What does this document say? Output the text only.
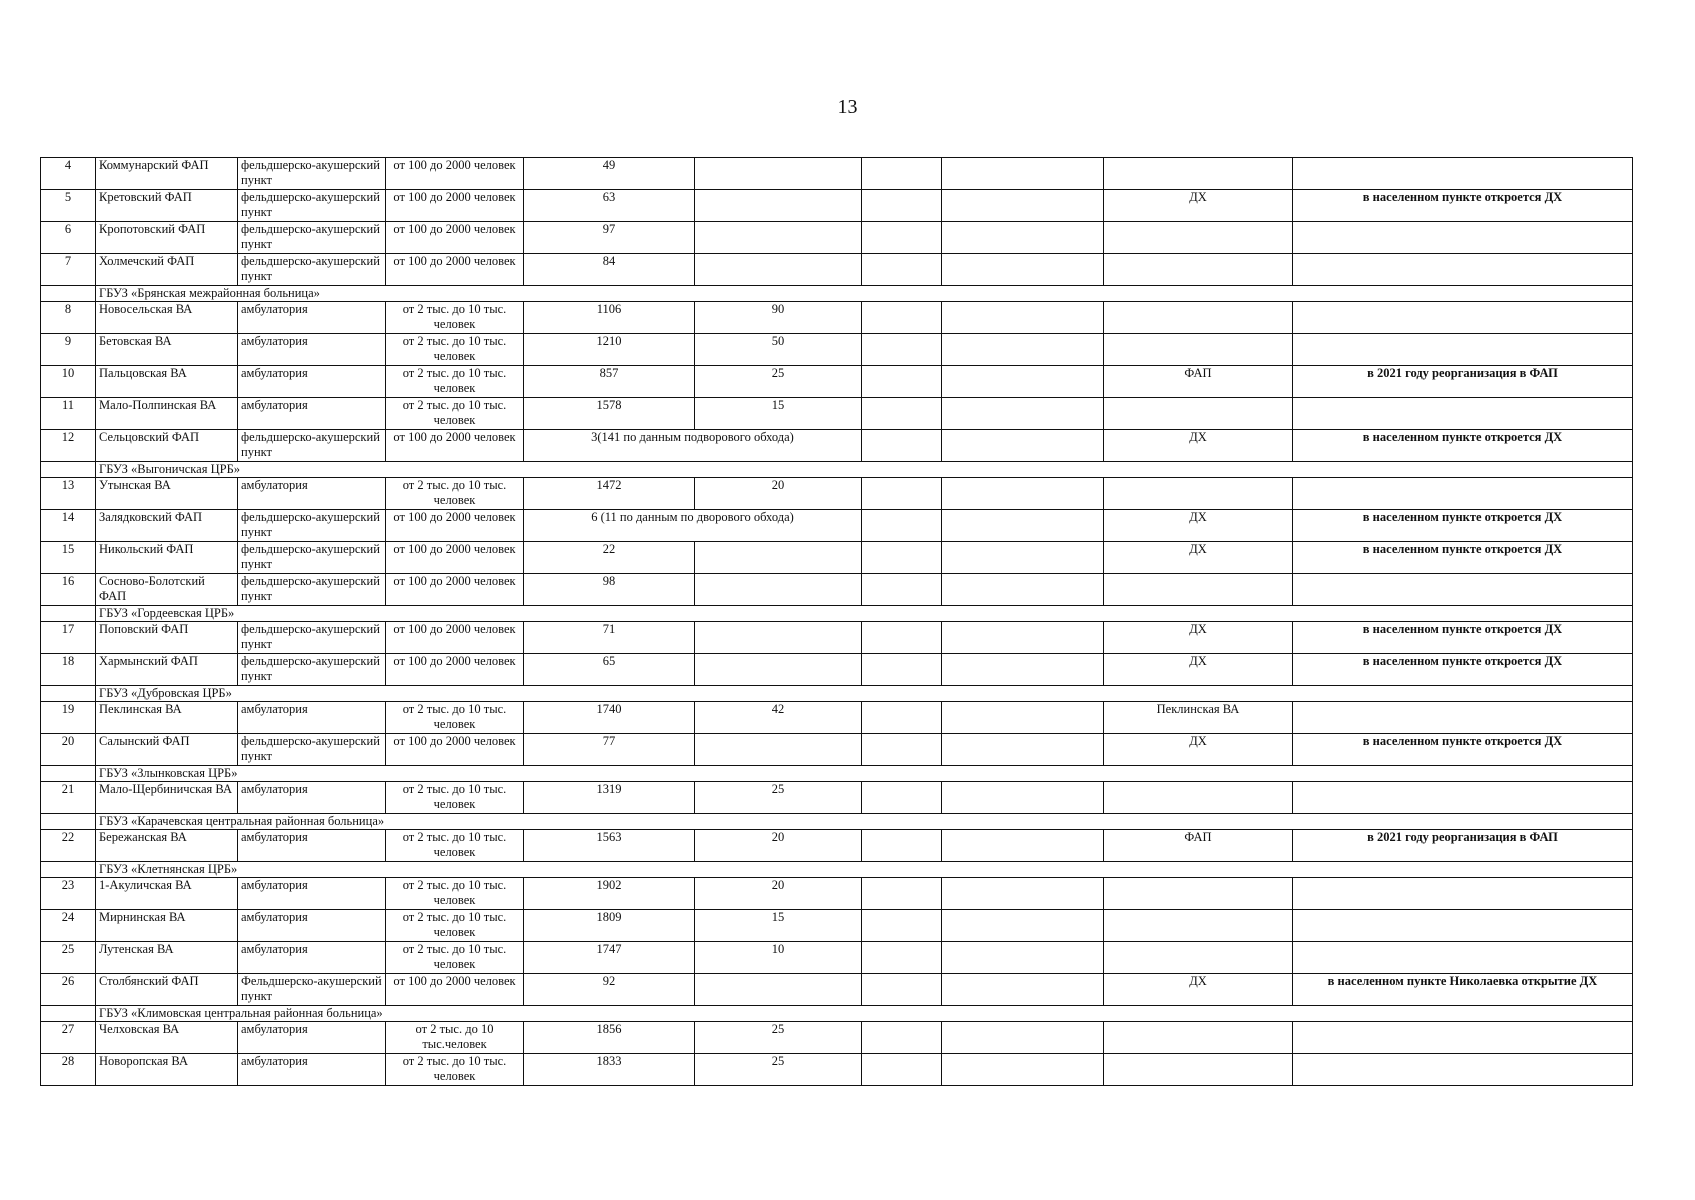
13
4	Коммунарский ФАП	фельдшерско-акушерский пункт	от 100 до 2000 человек	49					
5	Кретовский ФАП	фельдшерско-акушерский пункт	от 100 до 2000 человек	63				ДХ	в населенном пункте откроется ДХ
6	Кропотовский ФАП	фельдшерско-акушерский пункт	от 100 до 2000 человек	97					
7	Холмечский ФАП	фельдшерско-акушерский пункт	от 100 до 2000 человек	84					
	ГБУЗ «Брянская межрайонная больница»								
8	Новосельская ВА	амбулатория	от 2 тыс. до 10 тыс. человек	1106	90				
9	Бетовская ВА	амбулатория	от 2 тыс. до 10 тыс. человек	1210	50				
10	Пальцовская ВА	амбулатория	от 2 тыс. до 10 тыс. человек	857	25			ФАП	в 2021 году реорганизация в ФАП
11	Мало-Полпинская ВА	амбулатория	от 2 тыс. до 10 тыс. человек	1578	15				
12	Сельцовский ФАП	фельдшерско-акушерский пункт	от 100 до 2000 человек	3(141 по данным подворового обхода)				ДХ	в населенном пункте откроется ДХ
	ГБУЗ «Выгоничская ЦРБ»								
13	Утынская ВА	амбулатория	от 2 тыс. до 10 тыс. человек	1472	20				
14	Залядковский ФАП	фельдшерско-акушерский пункт	от 100 до 2000 человек	6 (11 по данным по дворового обхода)				ДХ	в населенном пункте откроется ДХ
15	Никольский ФАП	фельдшерско-акушерский пункт	от 100 до 2000 человек	22				ДХ	в населенном пункте откроется ДХ
16	Сосново-Болотский ФАП	фельдшерско-акушерский пункт	от 100 до 2000 человек	98					
	ГБУЗ «Гордеевская ЦРБ»								
17	Поповский ФАП	фельдшерско-акушерский пункт	от 100 до 2000 человек	71				ДХ	в населенном пункте откроется ДХ
18	Хармынский ФАП	фельдшерско-акушерский пункт	от 100 до 2000 человек	65				ДХ	в населенном пункте откроется ДХ
	ГБУЗ «Дубровская ЦРБ»								
19	Пеклинская ВА	амбулатория	от 2 тыс. до 10 тыс. человек	1740	42			Пеклинская ВА	
20	Салынский ФАП	фельдшерско-акушерский пункт	от 100 до 2000 человек	77				ДХ	в населенном пункте откроется ДХ
	ГБУЗ «Злынковская ЦРБ»								
21	Мало-Щербиничская ВА	амбулатория	от 2 тыс. до 10 тыс. человек	1319	25				
	ГБУЗ «Карачевская центральная районная больница»								
22	Бережанская ВА	амбулатория	от 2 тыс. до 10 тыс. человек	1563	20			ФАП	в 2021 году реорганизация в ФАП
	ГБУЗ «Клетнянская ЦРБ»								
23	1-Акуличская ВА	амбулатория	от 2 тыс. до 10 тыс. человек	1902	20				
24	Мирнинская ВА	амбулатория	от 2 тыс. до 10 тыс. человек	1809	15				
25	Лутенская ВА	амбулатория	от 2 тыс. до 10 тыс. человек	1747	10				
26	Столбянский ФАП	Фельдшерско-акушерский пункт	от 100 до 2000 человек	92				ДХ	в населенном пункте Николаевка открытие ДХ
	ГБУЗ «Климовская центральная районная больница»								
27	Челховская ВА	амбулатория	от 2 тыс. до 10 тыс.человек	1856	25				
28	Новоропская ВА	амбулатория	от 2 тыс. до 10 тыс. человек	1833	25				
